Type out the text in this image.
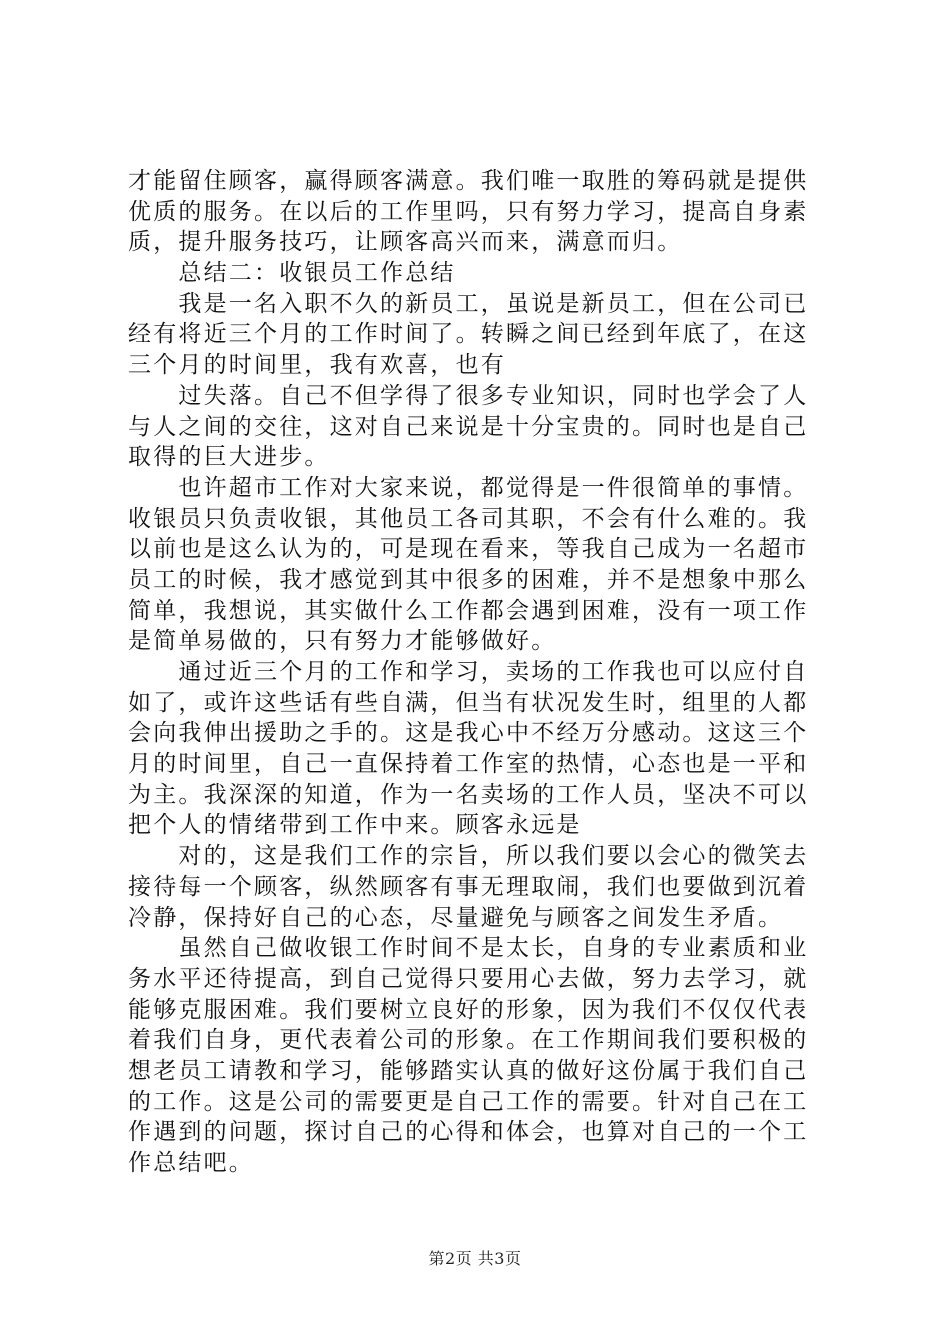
才能留住顾客，赢得顾客满意。我们唯一取胜的筹码就是提供
优质的服务。在以后的工作里吗，只有努力学习，提高自身素
质，提升服务技巧，让顾客高兴而来，满意而归。
　　总结二：收银员工作总结
　　我是一名入职不久的新员工，虽说是新员工，但在公司已
经有将近三个月的工作时间了。转瞬之间已经到年底了，在这
三个月的时间里，我有欢喜，也有
　　过失落。自己不但学得了很多专业知识，同时也学会了人
与人之间的交往，这对自己来说是十分宝贵的。同时也是自己
取得的巨大进步。
　　也许超市工作对大家来说，都觉得是一件很简单的事情。
收银员只负责收银，其他员工各司其职，不会有什么难的。我
以前也是这么认为的，可是现在看来，等我自己成为一名超市
员工的时候，我才感觉到其中很多的困难，并不是想象中那么
简单，我想说，其实做什么工作都会遇到困难，没有一项工作
是简单易做的，只有努力才能够做好。
　　通过近三个月的工作和学习，卖场的工作我也可以应付自
如了，或许这些话有些自满，但当有状况发生时，组里的人都
会向我伸出援助之手的。这是我心中不经万分感动。这这三个
月的时间里，自己一直保持着工作室的热情，心态也是一平和
为主。我深深的知道，作为一名卖场的工作人员，坚决不可以
把个人的情绪带到工作中来。顾客永远是
　　对的，这是我们工作的宗旨，所以我们要以会心的微笑去
接待每一个顾客，纵然顾客有事无理取闹，我们也要做到沉着
冷静，保持好自己的心态，尽量避免与顾客之间发生矛盾。
　　虽然自己做收银工作时间不是太长，自身的专业素质和业
务水平还待提高，到自己觉得只要用心去做，努力去学习，就
能够克服困难。我们要树立良好的形象，因为我们不仅仅代表
着我们自身，更代表着公司的形象。在工作期间我们要积极的
想老员工请教和学习，能够踏实认真的做好这份属于我们自己
的工作。这是公司的需要更是自己工作的需要。针对自己在工
作遇到的问题，探讨自己的心得和体会，也算对自己的一个工
作总结吧。
第2页 共3页
